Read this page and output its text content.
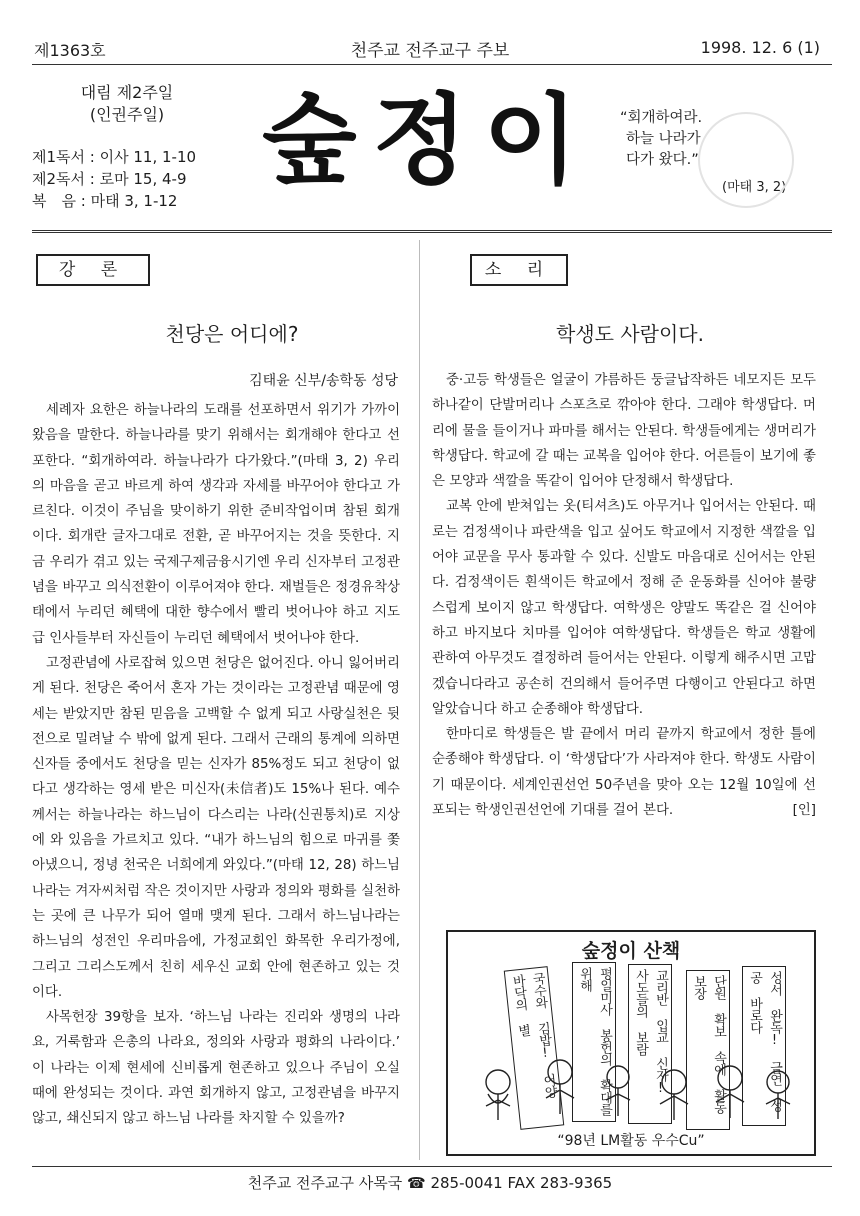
제1363호	천주교 전주교구 주보	1998. 12. 6 (1)
대림 제2주일
(인권주일)
제1독서 : 이사 11, 1-10
제2독서 : 로마 15, 4-9
복　음 : 마태 3, 1-12
숲정이 “회개하여라.
하늘 나라가
다가 왔다.”
(마태 3, 2)
강 론
천당은 어디에?
김태윤 신부/송학동 성당

세례자 요한은 하늘나라의 도래를 선포하면서 위기가 가까이 왔음을 말한다. 하늘나라를 맞기 위해서는 회개해야 한다고 선포한다. “회개하여라. 하늘나라가 다가왔다.”(마태 3, 2) 우리의 마음을 곧고 바르게 하여 생각과 자세를 바꾸어야 한다고 가르친다. 이것이 주님을 맞이하기 위한 준비작업이며 참된 회개이다. 회개란 글자그대로 전환, 곧 바꾸어지는 것을 뜻한다. 지금 우리가 겪고 있는 국제구제금융시기엔 우리 신자부터 고정관념을 바꾸고 의식전환이 이루어져야 한다. 재벌들은 정경유착상태에서 누리던 혜택에 대한 향수에서 빨리 벗어나야 하고 지도급 인사들부터 자신들이 누리던 혜택에서 벗어나야 한다.

고정관념에 사로잡혀 있으면 천당은 없어진다. 아니 잃어버리게 된다. 천당은 죽어서 혼자 가는 것이라는 고정관념 때문에 영세는 받았지만 참된 믿음을 고백할 수 없게 되고 사랑실천은 뒷전으로 밀려날 수 밖에 없게 된다. 그래서 근래의 통계에 의하면 신자들 중에서도 천당을 믿는 신자가 85%정도 되고 천당이 없다고 생각하는 영세 받은 미신자(未信者)도 15%나 된다. 예수께서는 하늘나라는 하느님이 다스리는 나라(신권통치)로 지상에 와 있음을 가르치고 있다. “내가 하느님의 힘으로 마귀를 쫓아냈으니, 정녕 천국은 너희에게 와있다.”(마태 12, 28) 하느님나라는 겨자씨처럼 작은 것이지만 사랑과 정의와 평화를 실천하는 곳에 큰 나무가 되어 열매 맺게 된다. 그래서 하느님나라는 하느님의 성전인 우리마음에, 가정교회인 화목한 우리가정에, 그리고 그리스도께서 친히 세우신 교회 안에 현존하고 있는 것이다.

사목헌장 39항을 보자. ‘하느님 나라는 진리와 생명의 나라요, 거룩함과 은총의 나라요, 정의와 사랑과 평화의 나라이다.’ 이 나라는 이제 현세에 신비롭게 현존하고 있으나 주님이 오실 때에 완성되는 것이다. 과연 회개하지 않고, 고정관념을 바꾸지 않고, 쇄신되지 않고 하느님 나라를 차지할 수 있을까?

소 리
학생도 사람이다.

중·고등 학생들은 얼굴이 갸름하든 둥글납작하든 네모지든 모두 하나같이 단발머리나 스포츠로 깎아야 한다. 그래야 학생답다. 머리에 물을 들이거나 파마를 해서는 안된다. 학생들에게는 생머리가 학생답다. 학교에 갈 때는 교복을 입어야 한다. 어른들이 보기에 좋은 모양과 색깔을 똑같이 입어야 단정해서 학생답다.

교복 안에 받쳐입는 옷(티셔츠)도 아무거나 입어서는 안된다. 때로는 검정색이나 파란색을 입고 싶어도 학교에서 지정한 색깔을 입어야 교문을 무사 통과할 수 있다. 신발도 마음대로 신어서는 안된다. 검정색이든 흰색이든 학교에서 정해 준 운동화를 신어야 불량스럽게 보이지 않고 학생답다. 여학생은 양말도 똑같은 걸 신어야 하고 바지보다 치마를 입어야 여학생답다. 학생들은 학교 생활에 관하여 아무것도 결정하려 들어서는 안된다. 이렇게 해주시면 고맙겠습니다라고 공손히 건의해서 들어주면 다행이고 안된다고 하면 알았습니다 하고 순종해야 학생답다.

한마디로 학생들은 발 끝에서 머리 끝까지 학교에서 정한 틀에 순종해야 학생답다. 이 ‘학생답다’가 사라져야 한다. 학생도 사람이기 때문이다. 세계인권선언 50주년을 맞아 오는 12월 10일에 선포되는 학생인권선언에 기대를 걸어 본다.	[인]
숲정이 산책
국수와 김밥! 어양 바닥의 별	평일미사 봉헌의 확대를 위해	교리반 입교 신자! 사도들의 보람	단원 확보 속에 활동 보장	성서 완독! 금연 성공 바로다
“98년 LM활동 우수Cu”
천주교 전주교구 사목국 ☎ 285-0041 FAX 283-9365
